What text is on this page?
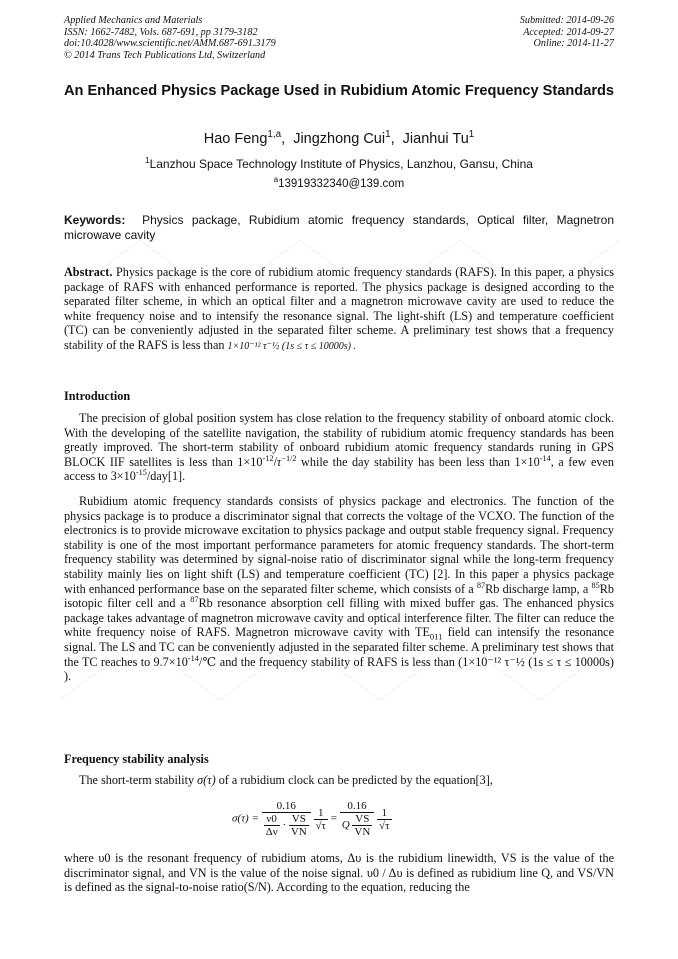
Applied Mechanics and Materials
ISSN: 1662-7482, Vols. 687-691, pp 3179-3182
doi:10.4028/www.scientific.net/AMM.687-691.3179
© 2014 Trans Tech Publications Ltd, Switzerland
Submitted: 2014-09-26
Accepted: 2014-09-27
Online: 2014-11-27
An Enhanced Physics Package Used in Rubidium Atomic Frequency Standards
Hao Feng$^{1,a}$,  Jingzhong Cui$^1$,  Jianhui Tu$^1$
$^1$Lanzhou Space Technology Institute of Physics, Lanzhou, Gansu, China
$^a$13919332340@139.com
Keywords: Physics package, Rubidium atomic frequency standards, Optical filter, Magnetron microwave cavity
Abstract. Physics package is the core of rubidium atomic frequency standards (RAFS). In this paper, a physics package of RAFS with enhanced performance is reported. The physics package is designed according to the separated filter scheme, in which an optical filter and a magnetron microwave cavity are used to reduce the white frequency noise and to intensify the resonance signal. The light-shift (LS) and temperature coefficient (TC) can be conveniently adjusted in the separated filter scheme. A preliminary test shows that a frequency stability of the RAFS is less than 1×10⁻¹² τ⁻½ (1s ≤ τ ≤ 10000s) .
Introduction
The precision of global position system has close relation to the frequency stability of onboard atomic clock. With the developing of the satellite navigation, the stability of rubidium atomic frequency standards has been greatly improved. The short-term stability of onboard rubidium atomic frequency standards runing in GPS BLOCK IIF satellites is less than $1\times 10^{-12}/\tau^{-1/2}$ while the day stability has been less than $1\times 10^{-14}$, a few even access to $3\times 10^{-15}/day[1]$.
Rubidium atomic frequency standards consists of physics package and electronics. The function of the physics package is to produce a discriminator signal that corrects the voltage of the VCXO. The function of the electronics is to provide microwave excitation to physics package and output stable frequency signal. Frequency stability is one of the most important performance parameters for atomic frequency standards. The short-term frequency stability was determined by signal-noise ratio of discriminator signal while the long-term frequency stability mainly lies on light shift (LS) and temperature coefficient (TC) [2]. In this paper a physics package with enhanced performance base on the separated filter scheme, which consists of a $^{87}$Rb discharge lamp, a $^{85}$Rb isotopic filter cell and a $^{87}$Rb resonance absorption cell filling with mixed buffer gas. The enhanced physics package takes advantage of magnetron microwave cavity and optical interference filter. The filter can reduce the white frequency noise of RAFS. Magnetron microwave cavity with $TE_{011}$ field can intensify the resonance signal. The LS and TC can be conveniently adjusted in the separated filter scheme. A preliminary test shows that the TC reaches to $9.7\times 10^{-14}/℃$ and the frequency stability of RAFS is less than (1×10⁻¹² τ⁻½ (1s ≤ τ ≤ 10000s) ).
Frequency stability analysis
The short-term stability σ(τ) of a rubidium clock can be predicted by the equation[3],
$\sigma(\tau) = \frac{0.16}{\frac{\nu 0}{\Delta\nu} \cdot \frac{VS}{VN}}$
$\frac{1}{√\tau} = \frac{0.16}{Q \frac{VS}{VN}}$
$\frac{1}{√\tau}$
where υ0 is the resonant frequency of rubidium atoms, Δυ is the rubidium linewidth, VS is the value of the discriminator signal, and VN is the value of the noise signal. υ0 / Δυ is defined as rubidium line Q, and VS/VN is defined as the signal-to-noise ratio(S/N). According to the equation, reducing the
